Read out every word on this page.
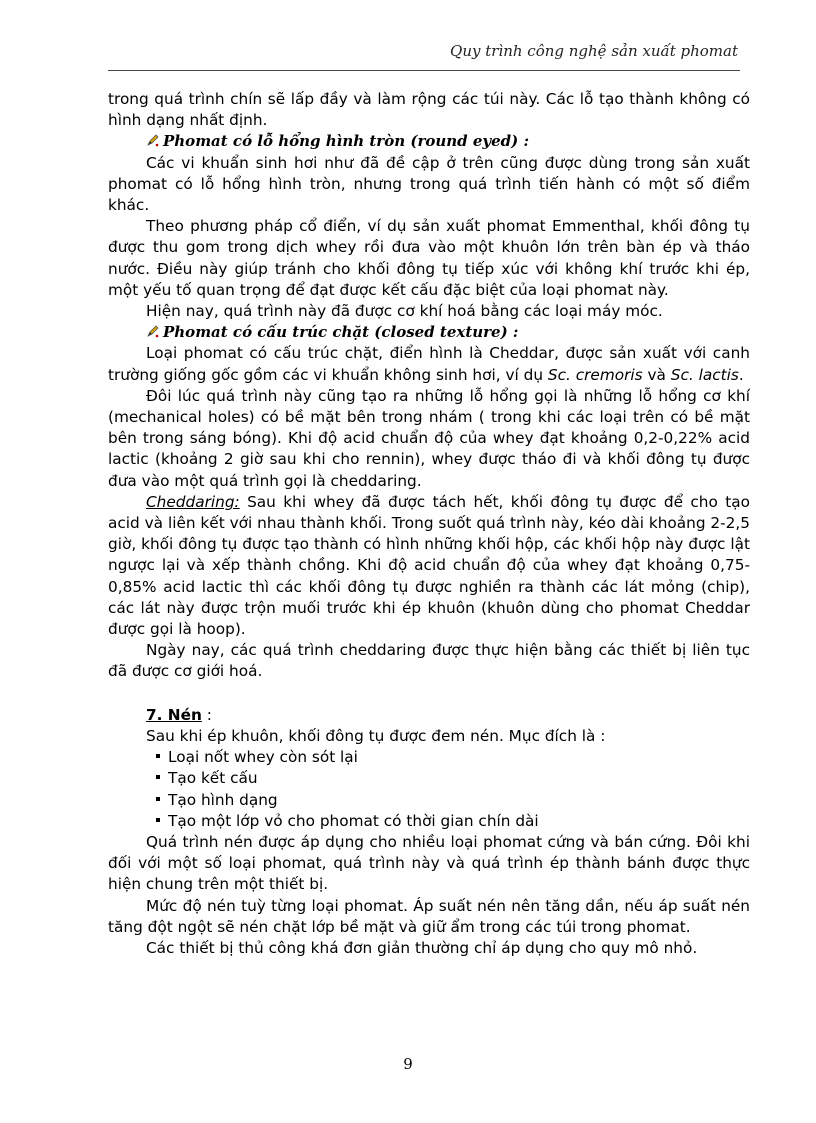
Quy trình công nghệ sản xuất phomat

trong quá trình chín sẽ lấp đầy và làm rộng các túi này. Các lỗ tạo thành không có hình dạng nhất định.

Phomat có lỗ hổng hình tròn (round eyed) :

Các vi khuẩn sinh hơi như đã đề cập ở trên cũng được dùng trong sản xuất phomat có lỗ hổng hình tròn, nhưng trong quá trình tiến hành có một số điểm khác.

Theo phương pháp cổ điển, ví dụ sản xuất phomat Emmenthal, khối đông tụ được thu gom trong dịch whey rồi đưa vào một khuôn lớn trên bàn ép và tháo nước. Điều này giúp tránh cho khối đông tụ tiếp xúc với không khí trước khi ép, một yếu tố quan trọng để đạt được kết cấu đặc biệt của loại phomat này.

Hiện nay, quá trình này đã được cơ khí hoá bằng các loại máy móc.

Phomat có cấu trúc chặt (closed texture) :

Loại phomat có cấu trúc chặt, điển hình là Cheddar, được sản xuất với canh trường giống gốc gồm các vi khuẩn không sinh hơi, ví dụ Sc. cremoris và Sc. lactis.

Đôi lúc quá trình này cũng tạo ra những lỗ hổng gọi là những lỗ hổng cơ khí (mechanical holes) có bề mặt bên trong nhám ( trong khi các loại trên có bề mặt bên trong sáng bóng). Khi độ acid chuẩn độ của whey đạt khoảng 0,2-0,22% acid lactic (khoảng 2 giờ sau khi cho rennin), whey được tháo đi và khối đông tụ được đưa vào một quá trình gọi là cheddaring.

Cheddaring: Sau khi whey đã được tách hết, khối đông tụ được để cho tạo acid và liên kết với nhau thành khối. Trong suốt quá trình này, kéo dài khoảng 2-2,5 giờ, khối đông tụ được tạo thành có hình những khối hộp, các khối hộp này được lật ngược lại và xếp thành chồng. Khi độ acid chuẩn độ của whey đạt khoảng 0,75-0,85% acid lactic thì các khối đông tụ được nghiền ra thành các lát mỏng (chip), các lát này được trộn muối trước khi ép khuôn (khuôn dùng cho phomat Cheddar được gọi là hoop).

Ngày nay, các quá trình cheddaring được thực hiện bằng các thiết bị liên tục đã được cơ giới hoá.

7. Nén :

Sau khi ép khuôn, khối đông tụ được đem nén. Mục đích là :

Loại nốt whey còn sót lại
Tạo kết cấu
Tạo hình dạng
Tạo một lớp vỏ cho phomat có thời gian chín dài

Quá trình nén được áp dụng cho nhiều loại phomat cứng và bán cứng. Đôi khi đối với một số loại phomat, quá trình này và quá trình ép thành bánh được thực hiện chung trên một thiết bị.

Mức độ nén tuỳ từng loại phomat. Áp suất nén nên tăng dần, nếu áp suất nén tăng đột ngột sẽ nén chặt lớp bề mặt và giữ ẩm trong các túi trong phomat.

Các thiết bị thủ công khá đơn giản thường chỉ áp dụng cho quy mô nhỏ.

9
